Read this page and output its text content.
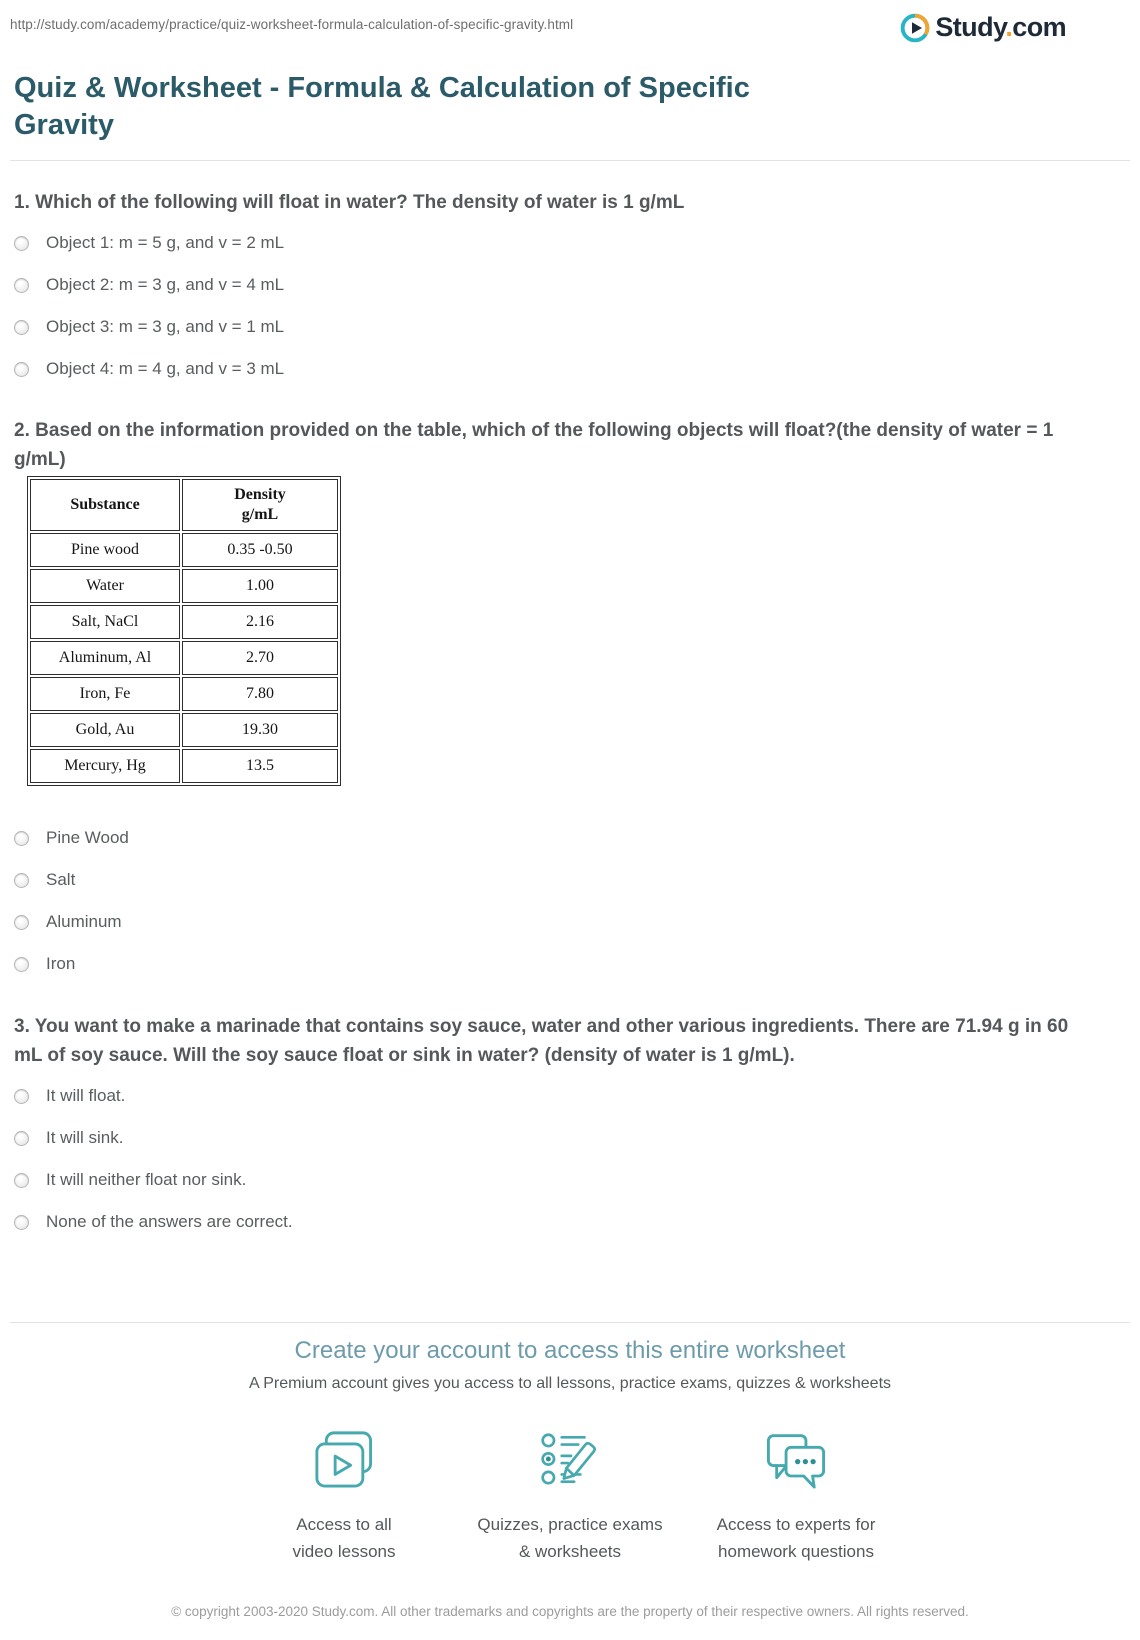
http://study.com/academy/practice/quiz-worksheet-formula-calculation-of-specific-gravity.html	Study.com
Quiz & Worksheet - Formula & Calculation of Specific Gravity
1. Which of the following will float in water? The density of water is 1 g/mL
Object 1: m = 5 g, and v = 2 mL
Object 2: m = 3 g, and v = 4 mL
Object 3: m = 3 g, and v = 1 mL
Object 4: m = 4 g, and v = 3 mL
2. Based on the information provided on the table, which of the following objects will float?(the density of water = 1 g/mL)
Substance	Density
g/mL

Pine wood	0.35 -0.50
Water	1.00
Salt, NaCl	2.16
Aluminum, Al	2.70
Iron, Fe	7.80
Gold, Au	19.30
Mercury, Hg	13.5
Pine Wood
Salt
Aluminum
Iron
3. You want to make a marinade that contains soy sauce, water and other various ingredients. There are 71.94 g in 60 mL of soy sauce. Will the soy sauce float or sink in water? (density of water is 1 g/mL).
It will float.
It will sink.
It will neither float nor sink.
None of the answers are correct.
Create your account to access this entire worksheet
A Premium account gives you access to all lessons, practice exams, quizzes & worksheets
Access to all
video lessons
Quizzes, practice exams
& worksheets
Access to experts for
homework questions
© copyright 2003-2020 Study.com. All other trademarks and copyrights are the property of their respective owners. All rights reserved.
